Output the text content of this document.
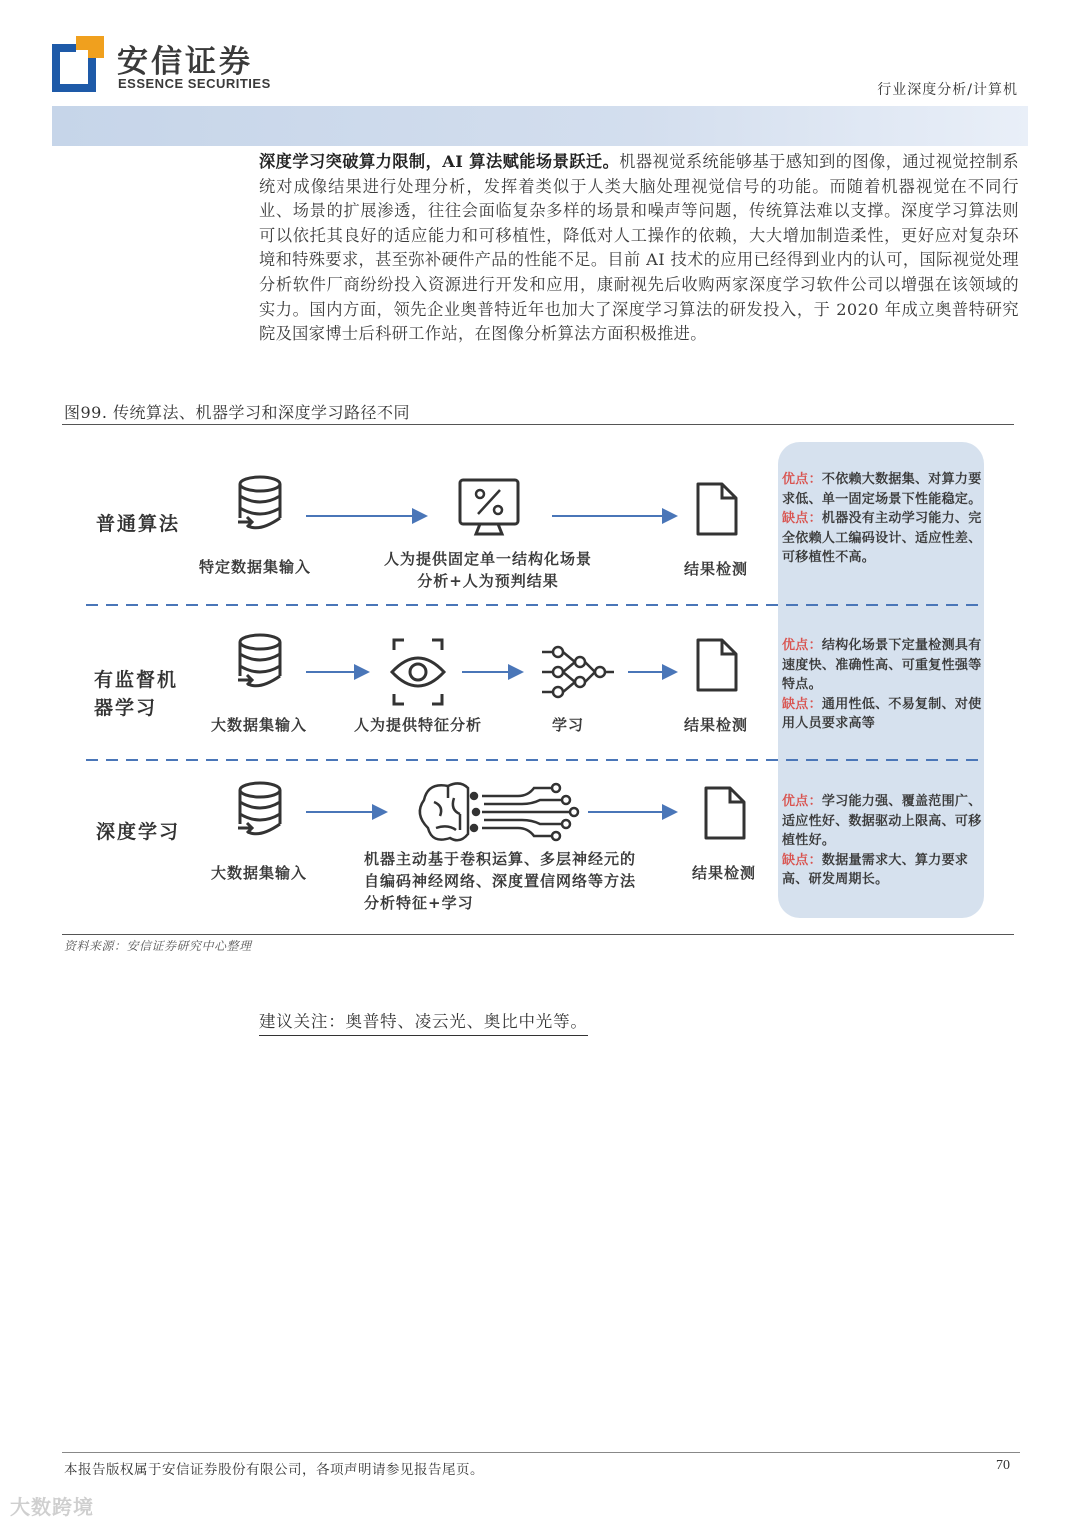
安信证券
ESSENCE SECURITIES	行业深度分析/计算机
深度学习突破算力限制，AI 算法赋能场景跃迁。机器视觉系统能够基于感知到的图像，通过视觉控制系统对成像结果进行处理分析，发挥着类似于人类大脑处理视觉信号的功能。而随着机器视觉在不同行业、场景的扩展渗透，往往会面临复杂多样的场景和噪声等问题，传统算法难以支撑。深度学习算法则可以依托其良好的适应能力和可移植性，降低对人工操作的依赖，大大增加制造柔性，更好应对复杂环境和特殊要求，甚至弥补硬件产品的性能不足。目前 AI 技术的应用已经得到业内的认可，国际视觉处理分析软件厂商纷纷投入资源进行开发和应用，康耐视先后收购两家深度学习软件公司以增强在该领域的实力。国内方面，领先企业奥普特近年也加大了深度学习算法的研发投入，于 2020 年成立奥普特研究院及国家博士后科研工作站，在图像分析算法方面积极推进。
图99. 传统算法、机器学习和深度学习路径不同
普通算法
有监督机器学习
深度学习
特定数据集输入	人为提供固定单一结构化场景分析+人为预判结果
结果检测
大数据集输入	人为提供特征分析	学习	结果检测
大数据集输入
机器主动基于卷积运算、多层神经元的自编码神经网络、深度置信网络等方法分析特征+学习
结果检测
优点：不依赖大数据集、对算力要求低、单一固定场景下性能稳定。
缺点：机器没有主动学习能力、完全依赖人工编码设计、适应性差、可移植性不高。
优点：结构化场景下定量检测具有速度快、准确性高、可重复性强等特点。
缺点：通用性低、不易复制、对使用人员要求高等
优点：学习能力强、覆盖范围广、适应性好、数据驱动上限高、可移植性好。
缺点：数据量需求大、算力要求高、研发周期长。
资料来源：安信证券研究中心整理
建议关注：奥普特、凌云光、奥比中光等。
本报告版权属于安信证券股份有限公司，各项声明请参见报告尾页。	70
大数跨境
